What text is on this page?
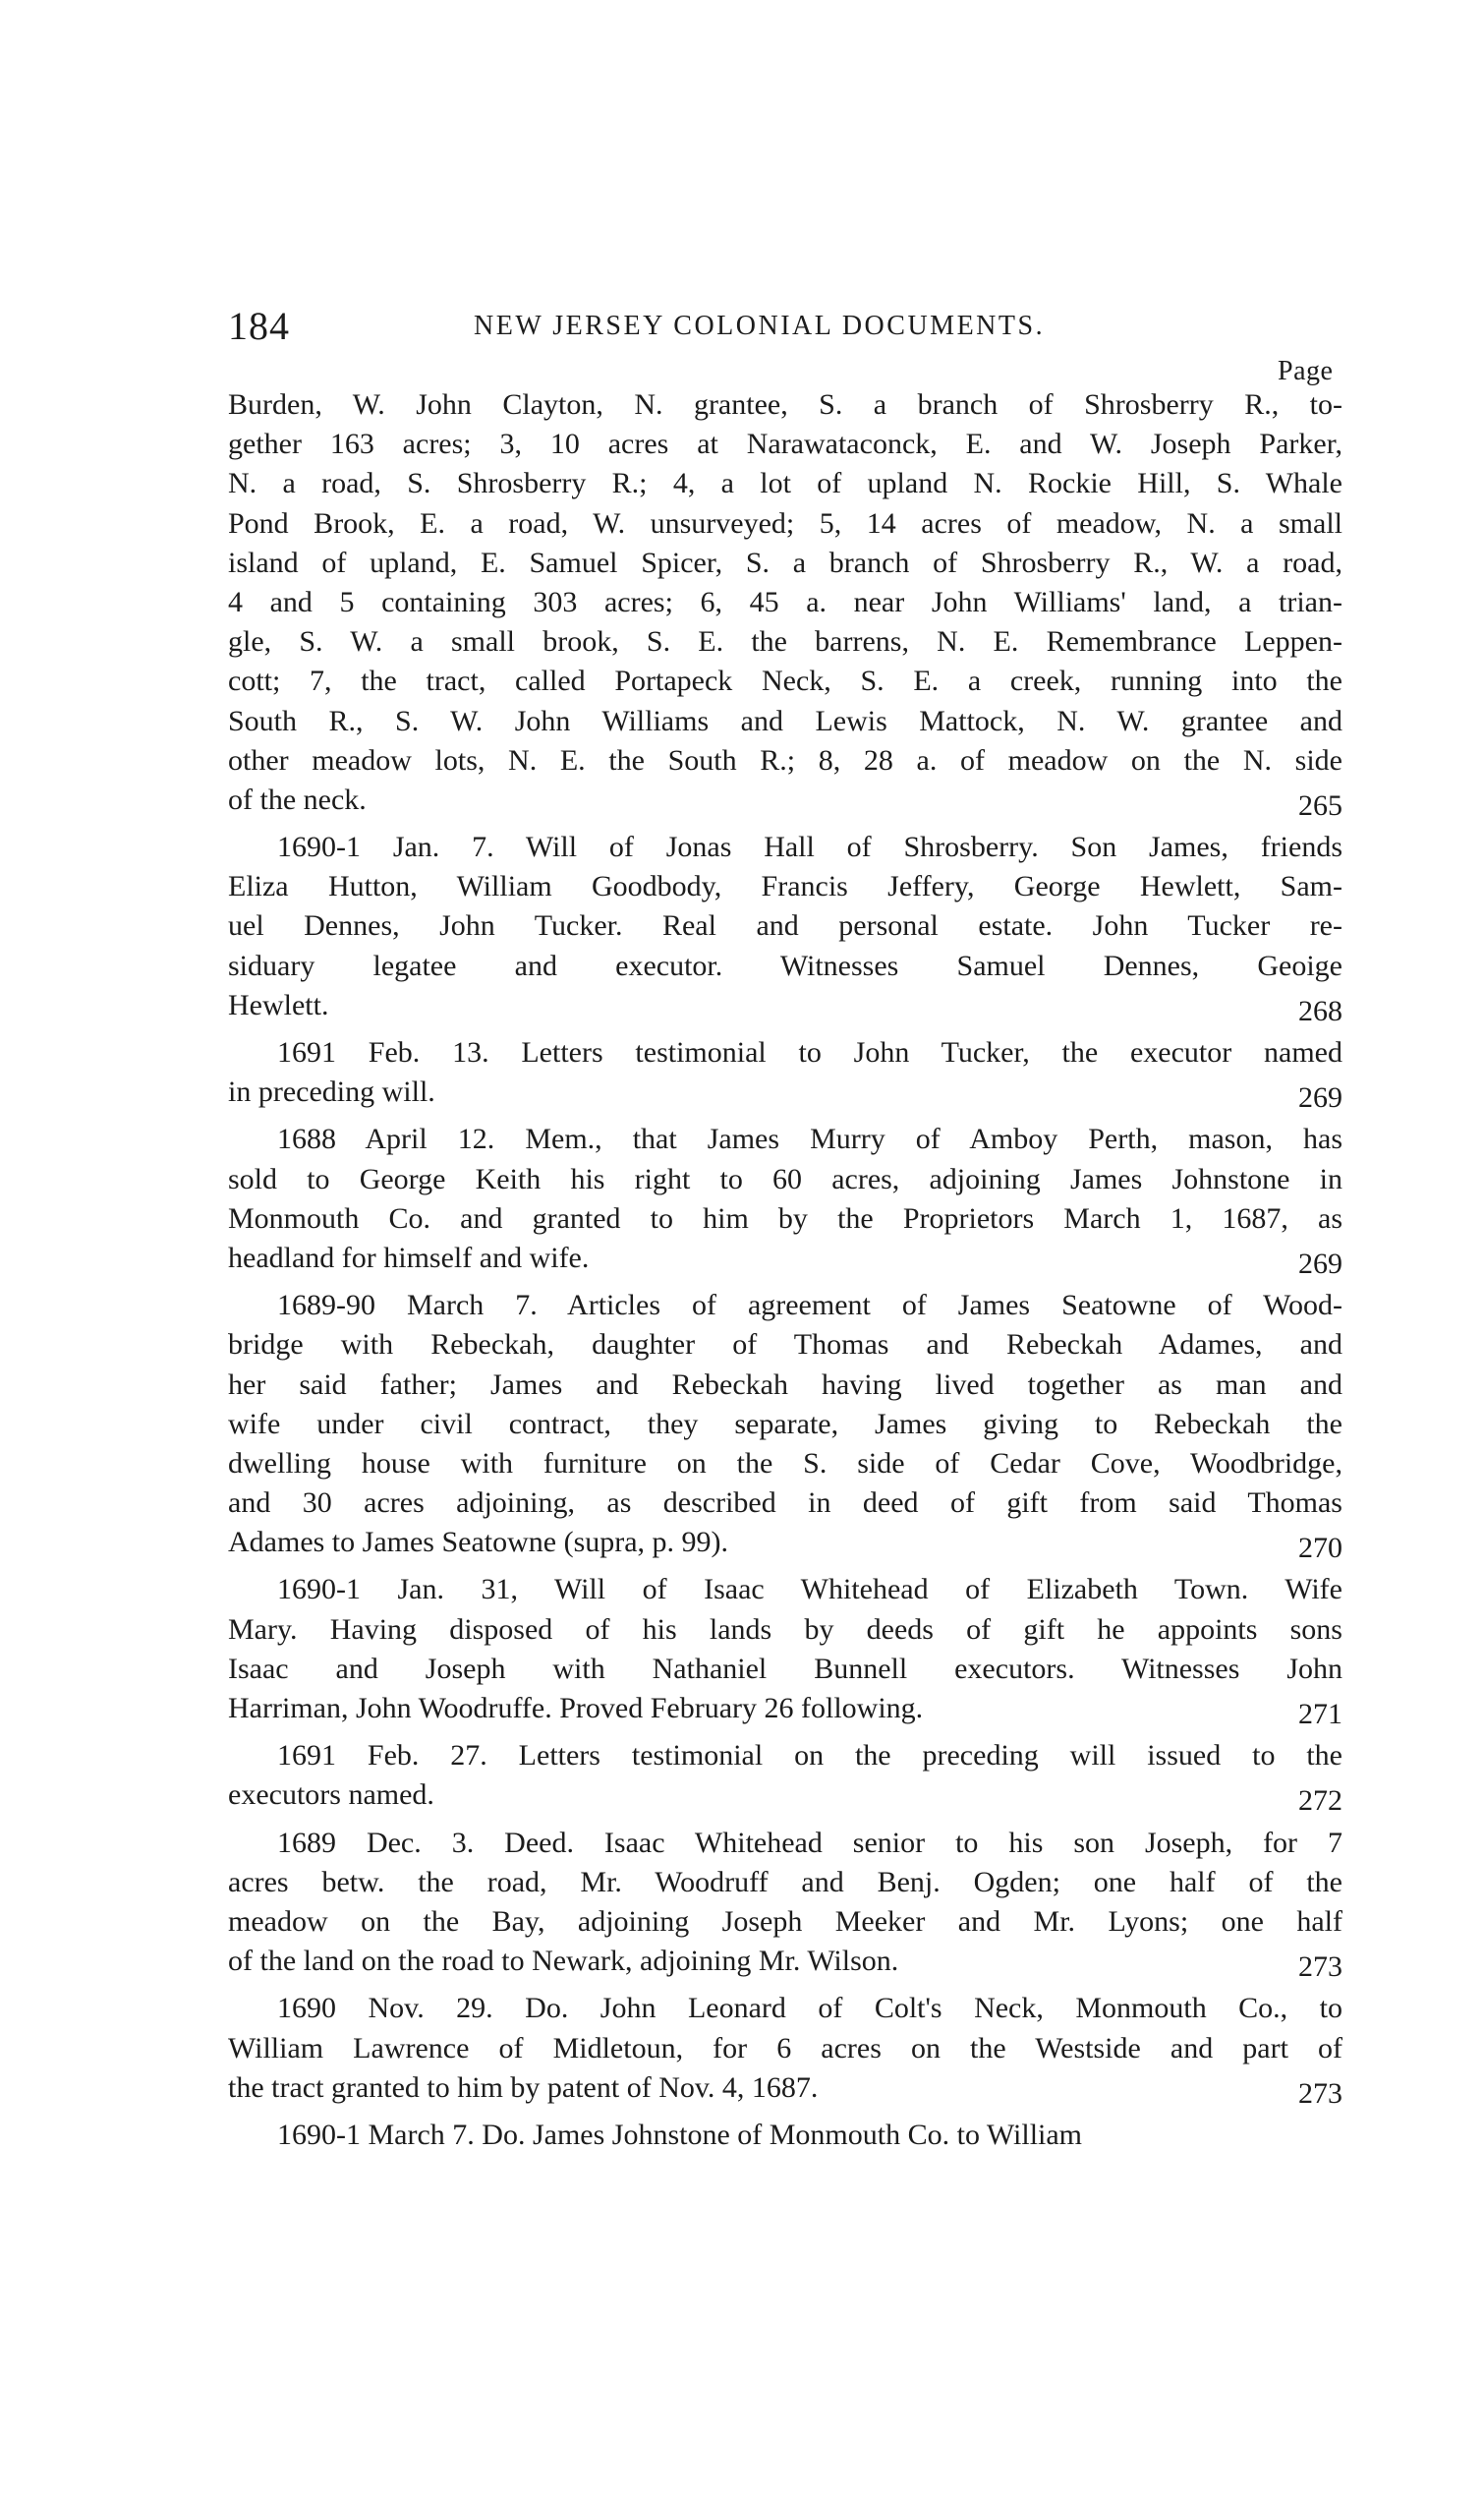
184	NEW JERSEY COLONIAL DOCUMENTS.
Page
Burden, W. John Clayton, N. grantee, S. a branch of Shrosberry R., to-
gether 163 acres; 3, 10 acres at Narawataconck, E. and W. Joseph Parker,
N. a road, S. Shrosberry R.; 4, a lot of upland N. Rockie Hill, S. Whale
Pond Brook, E. a road, W. unsurveyed; 5, 14 acres of meadow, N. a small
island of upland, E. Samuel Spicer, S. a branch of Shrosberry R., W. a road,
4 and 5 containing 303 acres; 6, 45 a. near John Williams' land, a trian-
gle, S. W. a small brook, S. E. the barrens, N. E. Remembrance Leppen-
cott; 7, the tract, called Portapeck Neck, S. E. a creek, running into the
South R., S. W. John Williams and Lewis Mattock, N. W. grantee and
other meadow lots, N. E. the South R.; 8, 28 a. of meadow on the N. side
of the neck.	265
1690-1 Jan. 7. Will of Jonas Hall of Shrosberry. Son James, friends
Eliza Hutton, William Goodbody, Francis Jeffery, George Hewlett, Sam-
uel Dennes, John Tucker. Real and personal estate. John Tucker re-
siduary legatee and executor. Witnesses Samuel Dennes, Geoige
Hewlett.	268
1691 Feb. 13. Letters testimonial to John Tucker, the executor named
in preceding will.	269
1688 April 12. Mem., that James Murry of Amboy Perth, mason, has
sold to George Keith his right to 60 acres, adjoining James Johnstone in
Monmouth Co. and granted to him by the Proprietors March 1, 1687, as
headland for himself and wife.	269
1689-90 March 7. Articles of agreement of James Seatowne of Wood-
bridge with Rebeckah, daughter of Thomas and Rebeckah Adames, and
her said father; James and Rebeckah having lived together as man and
wife under civil contract, they separate, James giving to Rebeckah the
dwelling house with furniture on the S. side of Cedar Cove, Woodbridge,
and 30 acres adjoining, as described in deed of gift from said Thomas
Adames to James Seatowne (supra, p. 99).	270
1690-1 Jan. 31, Will of Isaac Whitehead of Elizabeth Town. Wife
Mary. Having disposed of his lands by deeds of gift he appoints sons
Isaac and Joseph with Nathaniel Bunnell executors. Witnesses John
Harriman, John Woodruffe. Proved February 26 following.	271
1691 Feb. 27. Letters testimonial on the preceding will issued to the
executors named.	272
1689 Dec. 3. Deed. Isaac Whitehead senior to his son Joseph, for 7
acres betw. the road, Mr. Woodruff and Benj. Ogden; one half of the
meadow on the Bay, adjoining Joseph Meeker and Mr. Lyons; one half
of the land on the road to Newark, adjoining Mr. Wilson.	273
1690 Nov. 29. Do. John Leonard of Colt's Neck, Monmouth Co., to
William Lawrence of Midletoun, for 6 acres on the Westside and part of
the tract granted to him by patent of Nov. 4, 1687.	273
1690-1 March 7. Do. James Johnstone of Monmouth Co. to William
